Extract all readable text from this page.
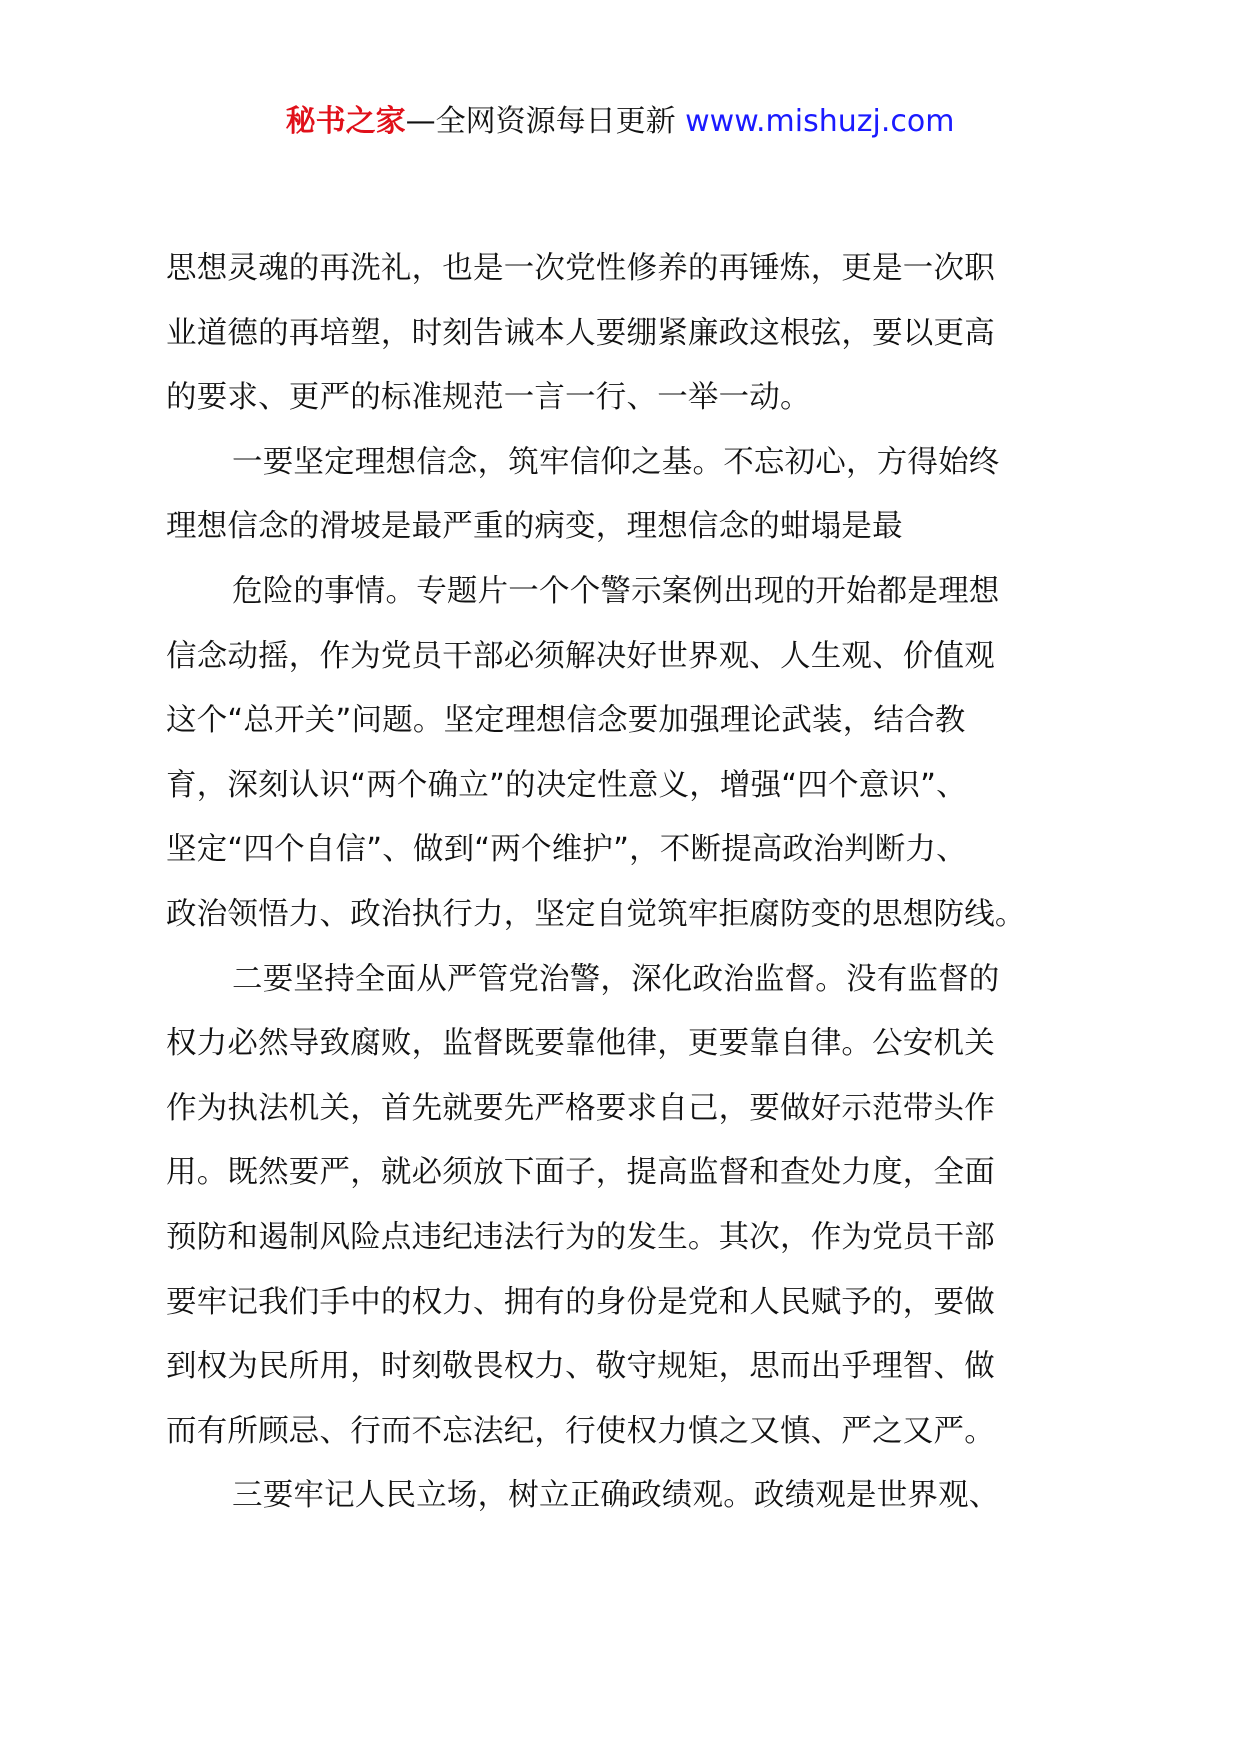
秘书之家—全网资源每日更新 www.mishuzj.com
思想灵魂的再洗礼，也是一次党性修养的再锤炼，更是一次职
业道德的再培塑，时刻告诫本人要绷紧廉政这根弦，要以更高
的要求、更严的标准规范一言一行、一举一动。
一要坚定理想信念，筑牢信仰之基。不忘初心，方得始终
理想信念的滑坡是最严重的病变，理想信念的蚶塌是最
危险的事情。专题片一个个警示案例出现的开始都是理想
信念动摇，作为党员干部必须解决好世界观、人生观、价值观
这个“总开关”问题。坚定理想信念要加强理论武装，结合教
育，深刻认识“两个确立”的决定性意义，增强“四个意识”、
坚定“四个自信”、做到“两个维护”，不断提高政治判断力、
政治领悟力、政治执行力，坚定自觉筑牢拒腐防变的思想防线。
二要坚持全面从严管党治警，深化政治监督。没有监督的
权力必然导致腐败，监督既要靠他律，更要靠自律。公安机关
作为执法机关，首先就要先严格要求自己，要做好示范带头作
用。既然要严，就必须放下面子，提高监督和查处力度，全面
预防和遏制风险点违纪违法行为的发生。其次，作为党员干部
要牢记我们手中的权力、拥有的身份是党和人民赋予的，要做
到权为民所用，时刻敬畏权力、敬守规矩，思而出乎理智、做
而有所顾忌、行而不忘法纪，行使权力慎之又慎、严之又严。
三要牢记人民立场，树立正确政绩观。政绩观是世界观、
